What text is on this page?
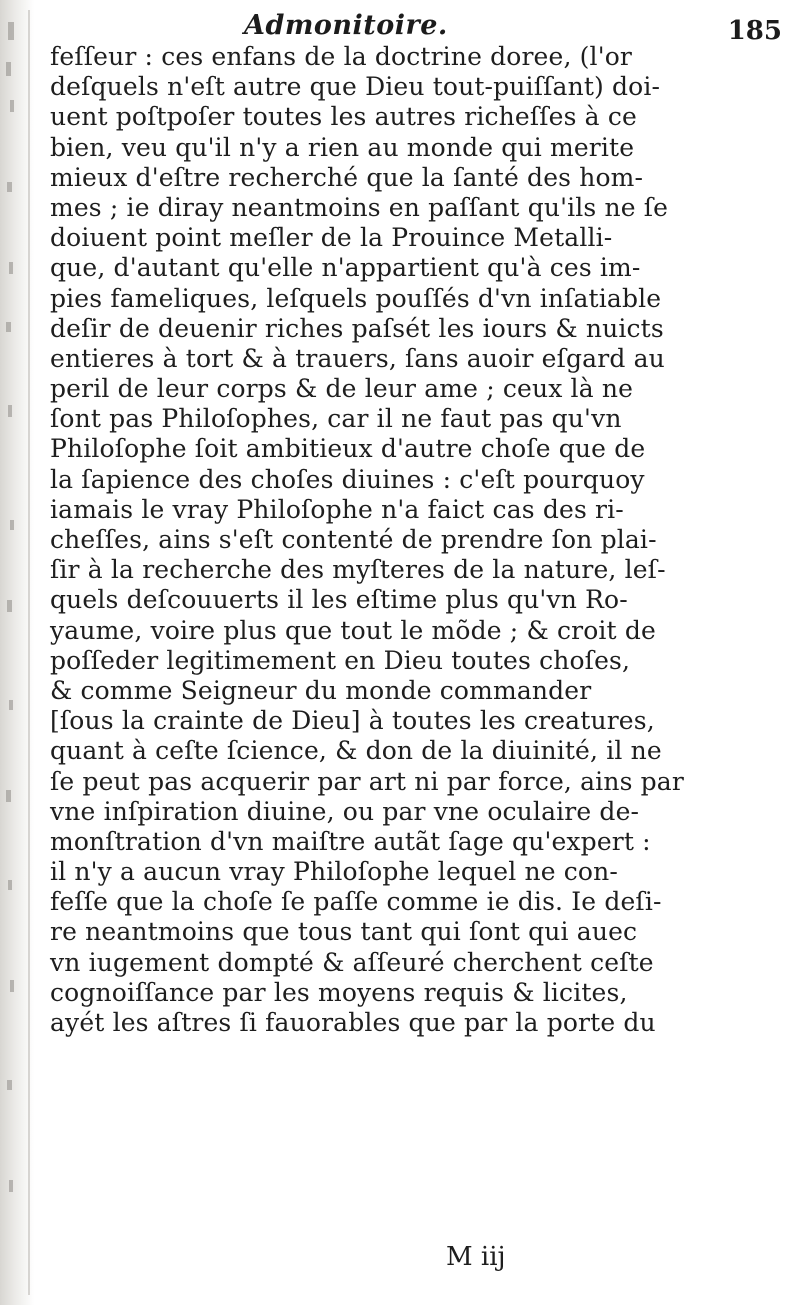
Admonitoire.	185
feſſeur : ces enfans de la doctrine doree, (l'or
deſquels n'eſt autre que Dieu tout-puiſſant) doi-
uent poſtpoſer toutes les autres richeſſes à ce
bien, veu qu'il n'y a rien au monde qui merite
mieux d'eſtre recherché que la ſanté des hom-
mes ; ie diray neantmoins en paſſant qu'ils ne ſe
doiuent point meſler de la Prouince Metalli-
que, d'autant qu'elle n'appartient qu'à ces im-
pies fameliques, leſquels pouſſés d'vn inſatiable
deſir de deuenir riches paſsét les iours & nuicts
entieres à tort & à trauers, ſans auoir eſgard au
peril de leur corps & de leur ame ; ceux là ne
ſont pas Philoſophes, car il ne faut pas qu'vn
Philoſophe ſoit ambitieux d'autre choſe que de
la ſapience des choſes diuines : c'eſt pourquoy
iamais le vray Philoſophe n'a faict cas des ri-
cheſſes, ains s'eſt contenté de prendre ſon plai-
ſir à la recherche des myſteres de la nature, leſ-
quels deſcouuerts il les eſtime plus qu'vn Ro-
yaume, voire plus que tout le mõde ; & croit de
poſſeder legitimement en Dieu toutes choſes,
& comme Seigneur du monde commander
[ſous la crainte de Dieu] à toutes les creatures,
quant à ceſte ſcience, & don de la diuinité, il ne
ſe peut pas acquerir par art ni par force, ains par
vne inſpiration diuine, ou par vne oculaire de-
monſtration d'vn maiſtre autãt ſage qu'expert :
il n'y a aucun vray Philoſophe lequel ne con-
feſſe que la choſe ſe paſſe comme ie dis. Ie deſi-
re neantmoins que tous tant qui ſont qui auec
vn iugement dompté & aſſeuré cherchent ceſte
cognoiſſance par les moyens requis & licites,
ayét les aſtres ſi fauorables que par la porte du
M iij
